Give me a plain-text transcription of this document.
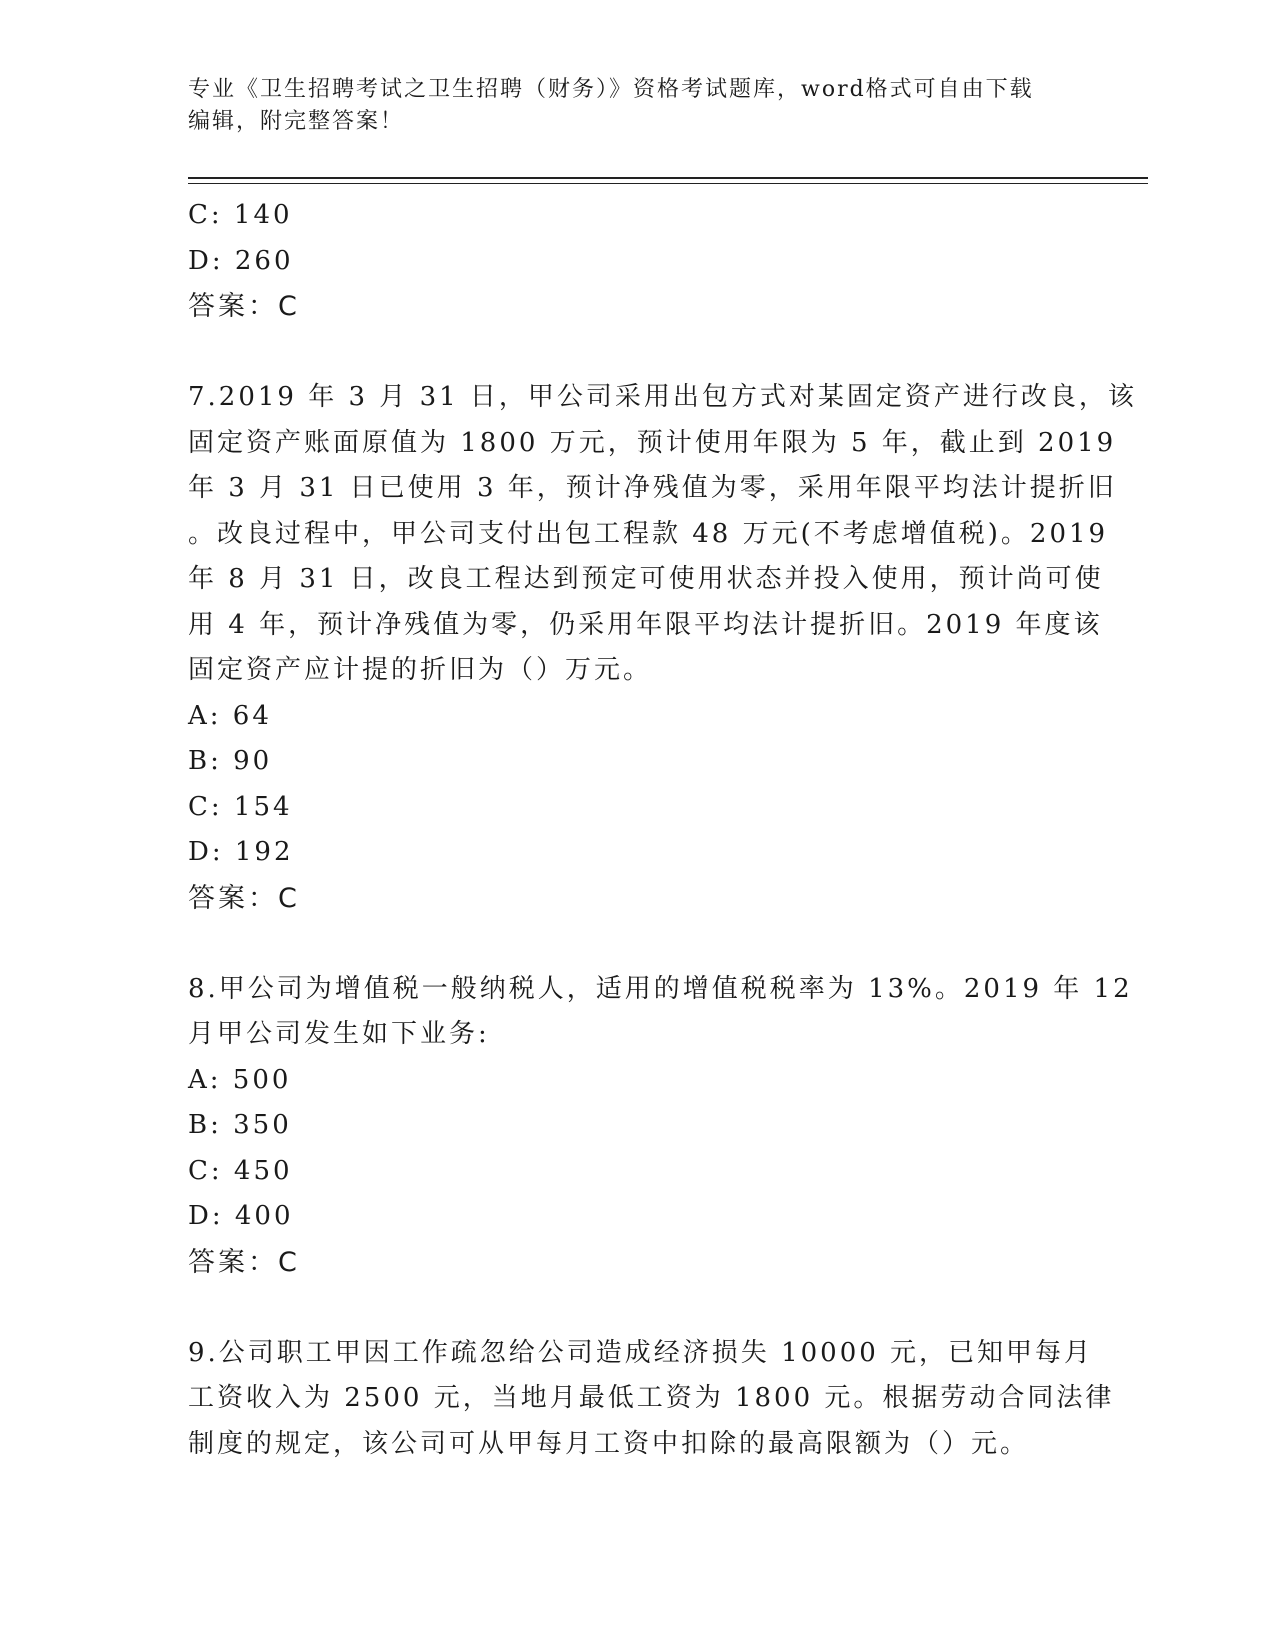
专业《卫生招聘考试之卫生招聘（财务）》资格考试题库，word格式可自由下载
编辑，附完整答案！
C: 140
D: 260
答案：C
7.2019 年 3 月 31 日，甲公司采用出包方式对某固定资产进行改良，该
固定资产账面原值为 1800 万元，预计使用年限为 5 年，截止到 2019
年 3 月 31 日已使用 3 年，预计净残值为零，采用年限平均法计提折旧
。改良过程中，甲公司支付出包工程款 48 万元(不考虑增值税)。2019
年 8 月 31 日，改良工程达到预定可使用状态并投入使用，预计尚可使
用 4 年，预计净残值为零，仍采用年限平均法计提折旧。2019 年度该
固定资产应计提的折旧为（）万元。
A: 64
B: 90
C: 154
D: 192
答案：C
8.甲公司为增值税一般纳税人，适用的增值税税率为 13%。2019 年 12
月甲公司发生如下业务:
A: 500
B: 350
C: 450
D: 400
答案：C
9.公司职工甲因工作疏忽给公司造成经济损失 10000 元，已知甲每月
工资收入为 2500 元，当地月最低工资为 1800 元。根据劳动合同法律
制度的规定，该公司可从甲每月工资中扣除的最高限额为（）元。
